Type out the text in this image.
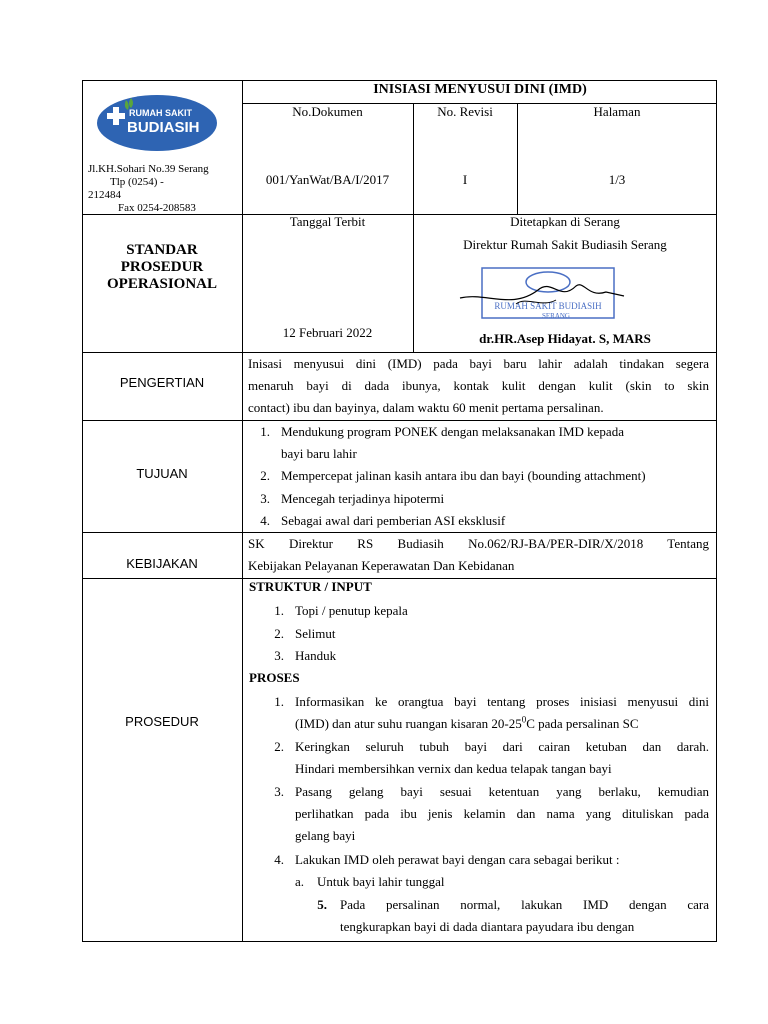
RUMAH SAKIT
BUDIASIH
Jl.KH.Sohari No.39 Serang
Tlp (0254) -
212484
Fax 0254-208583
INISIASI MENYUSUI DINI (IMD)
No.Dokumen	No. Revisi	Halaman
001/YanWat/BA/I/2017	I	1/3
STANDAR
PROSEDUR
OPERASIONAL
Tanggal Terbit
12 Februari 2022
Ditetapkan di Serang
Direktur Rumah Sakit Budiasih Serang
RUMAH SAKIT BUDIASIH
SERANG
dr.HR.Asep Hidayat. S, MARS
PENGERTIAN
Inisasi menyusui dini (IMD) pada bayi baru lahir adalah tindakan segera
menaruh bayi di dada ibunya, kontak kulit dengan kulit (skin to skin
contact) ibu dan bayinya, dalam waktu 60 menit pertama persalinan.
TUJUAN
1. Mendukung program PONEK dengan melaksanakan IMD kepada
bayi baru lahir
2. Mempercepat jalinan kasih antara ibu dan bayi (bounding attachment)
3. Mencegah terjadinya hipotermi
4. Sebagai awal dari pemberian ASI eksklusif
KEBIJAKAN
SK Direktur RS Budiasih No.062/RJ-BA/PER-DIR/X/2018 Tentang
Kebijakan Pelayanan Keperawatan Dan Kebidanan
PROSEDUR
STRUKTUR / INPUT
1. Topi / penutup kepala
2. Selimut
3. Handuk
PROSES
1. Informasikan ke orangtua bayi tentang proses inisiasi menyusui dini
(IMD) dan atur suhu ruangan kisaran $20-25^0C$ pada persalinan SC
2. Keringkan seluruh tubuh bayi dari cairan ketuban dan darah.
Hindari membersihkan vernix dan kedua telapak tangan bayi
3. Pasang gelang bayi sesuai ketentuan yang berlaku, kemudian
perlihatkan pada ibu jenis kelamin dan nama yang dituliskan pada
gelang bayi
4. Lakukan IMD oleh perawat bayi dengan cara sebagai berikut :
a. Untuk bayi lahir tunggal
5. Pada persalinan normal, lakukan IMD dengan cara
tengkurapkan bayi di dada diantara payudara ibu dengan
